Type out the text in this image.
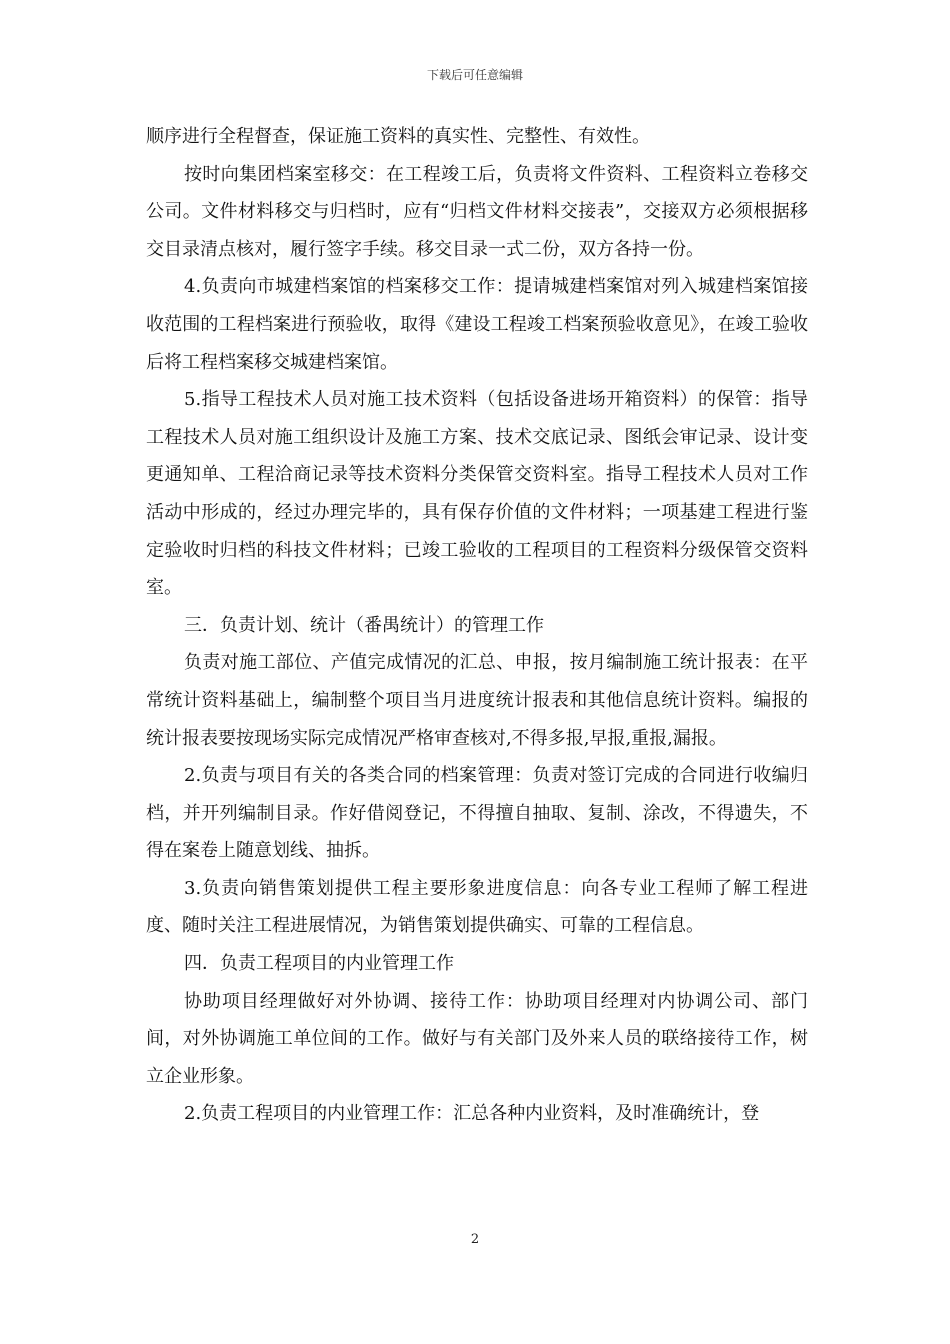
下载后可任意编辑

顺序进行全程督查，保证施工资料的真实性、完整性、有效性。

按时向集团档案室移交：在工程竣工后，负责将文件资料、工程资料立卷移交公司。文件材料移交与归档时，应有“归档文件材料交接表”，交接双方必须根据移交目录清点核对，履行签字手续。移交目录一式二份，双方各持一份。

4.负责向市城建档案馆的档案移交工作：提请城建档案馆对列入城建档案馆接收范围的工程档案进行预验收，取得《建设工程竣工档案预验收意见》，在竣工验收后将工程档案移交城建档案馆。

5.指导工程技术人员对施工技术资料（包括设备进场开箱资料）的保管：指导工程技术人员对施工组织设计及施工方案、技术交底记录、图纸会审记录、设计变更通知单、工程洽商记录等技术资料分类保管交资料室。指导工程技术人员对工作活动中形成的，经过办理完毕的，具有保存价值的文件材料；一项基建工程进行鉴定验收时归档的科技文件材料；已竣工验收的工程项目的工程资料分级保管交资料室。

三．负责计划、统计（番禺统计）的管理工作

负责对施工部位、产值完成情况的汇总、申报，按月编制施工统计报表：在平常统计资料基础上，编制整个项目当月进度统计报表和其他信息统计资料。编报的统计报表要按现场实际完成情况严格审查核对,不得多报,早报,重报,漏报。

2.负责与项目有关的各类合同的档案管理：负责对签订完成的合同进行收编归档，并开列编制目录。作好借阅登记，不得擅自抽取、复制、涂改，不得遗失，不得在案卷上随意划线、抽拆。

3.负责向销售策划提供工程主要形象进度信息：向各专业工程师了解工程进度、随时关注工程进展情况，为销售策划提供确实、可靠的工程信息。

四．负责工程项目的内业管理工作

协助项目经理做好对外协调、接待工作：协助项目经理对内协调公司、部门间，对外协调施工单位间的工作。做好与有关部门及外来人员的联络接待工作，树立企业形象。

2.负责工程项目的内业管理工作：汇总各种内业资料，及时准确统计，登

2
